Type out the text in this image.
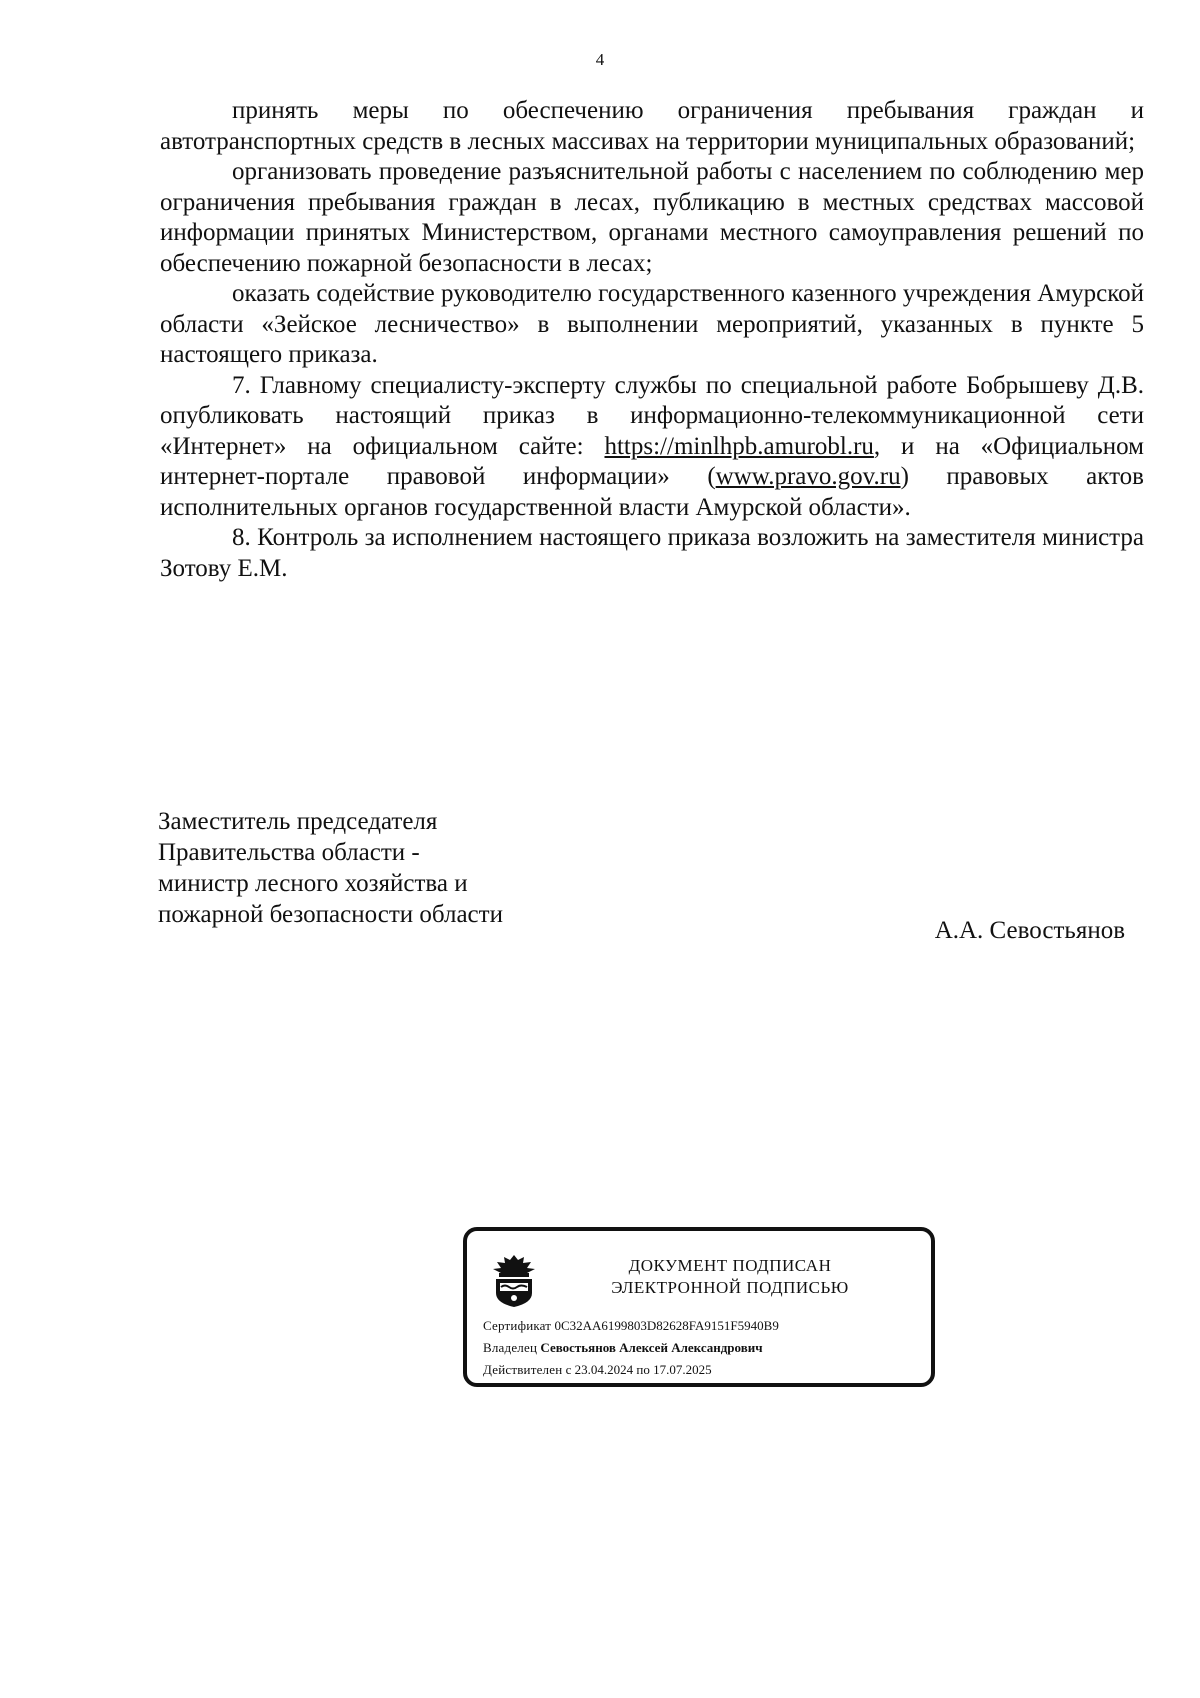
4

принять меры по обеспечению ограничения пребывания граждан и автотранспортных средств в лесных массивах на территории муниципальных образований;

организовать проведение разъяснительной работы с населением по соблюдению мер ограничения пребывания граждан в лесах, публикацию в местных средствах массовой информации принятых Министерством, органами местного самоуправления решений по обеспечению пожарной безопасности в лесах;

оказать содействие руководителю государственного казенного учреждения Амурской области «Зейское лесничество» в выполнении мероприятий, указанных в пункте 5 настоящего приказа.

7. Главному специалисту-эксперту службы по специальной работе Бобрышеву Д.В. опубликовать настоящий приказ в информационно-телекоммуникационной сети «Интернет» на официальном сайте: https://minlhpb.amurobl.ru, и на «Официальном интернет-портале правовой информации» (www.pravo.gov.ru) правовых актов исполнительных органов государственной власти Амурской области».

8. Контроль за исполнением настоящего приказа возложить на заместителя министра Зотову Е.М.

Заместитель председателя
Правительства области -
министр лесного хозяйства и
пожарной безопасности области
А.А. Севостьянов
ДОКУМЕНТ ПОДПИСАН
ЭЛЕКТРОННОЙ ПОДПИСЬЮ
Сертификат 0C32AA619980​3D82628FA9151F5940B9
Владелец Севостьянов Алексей Александрович
Действителен с 23.04.2024 по 17.07.2025
